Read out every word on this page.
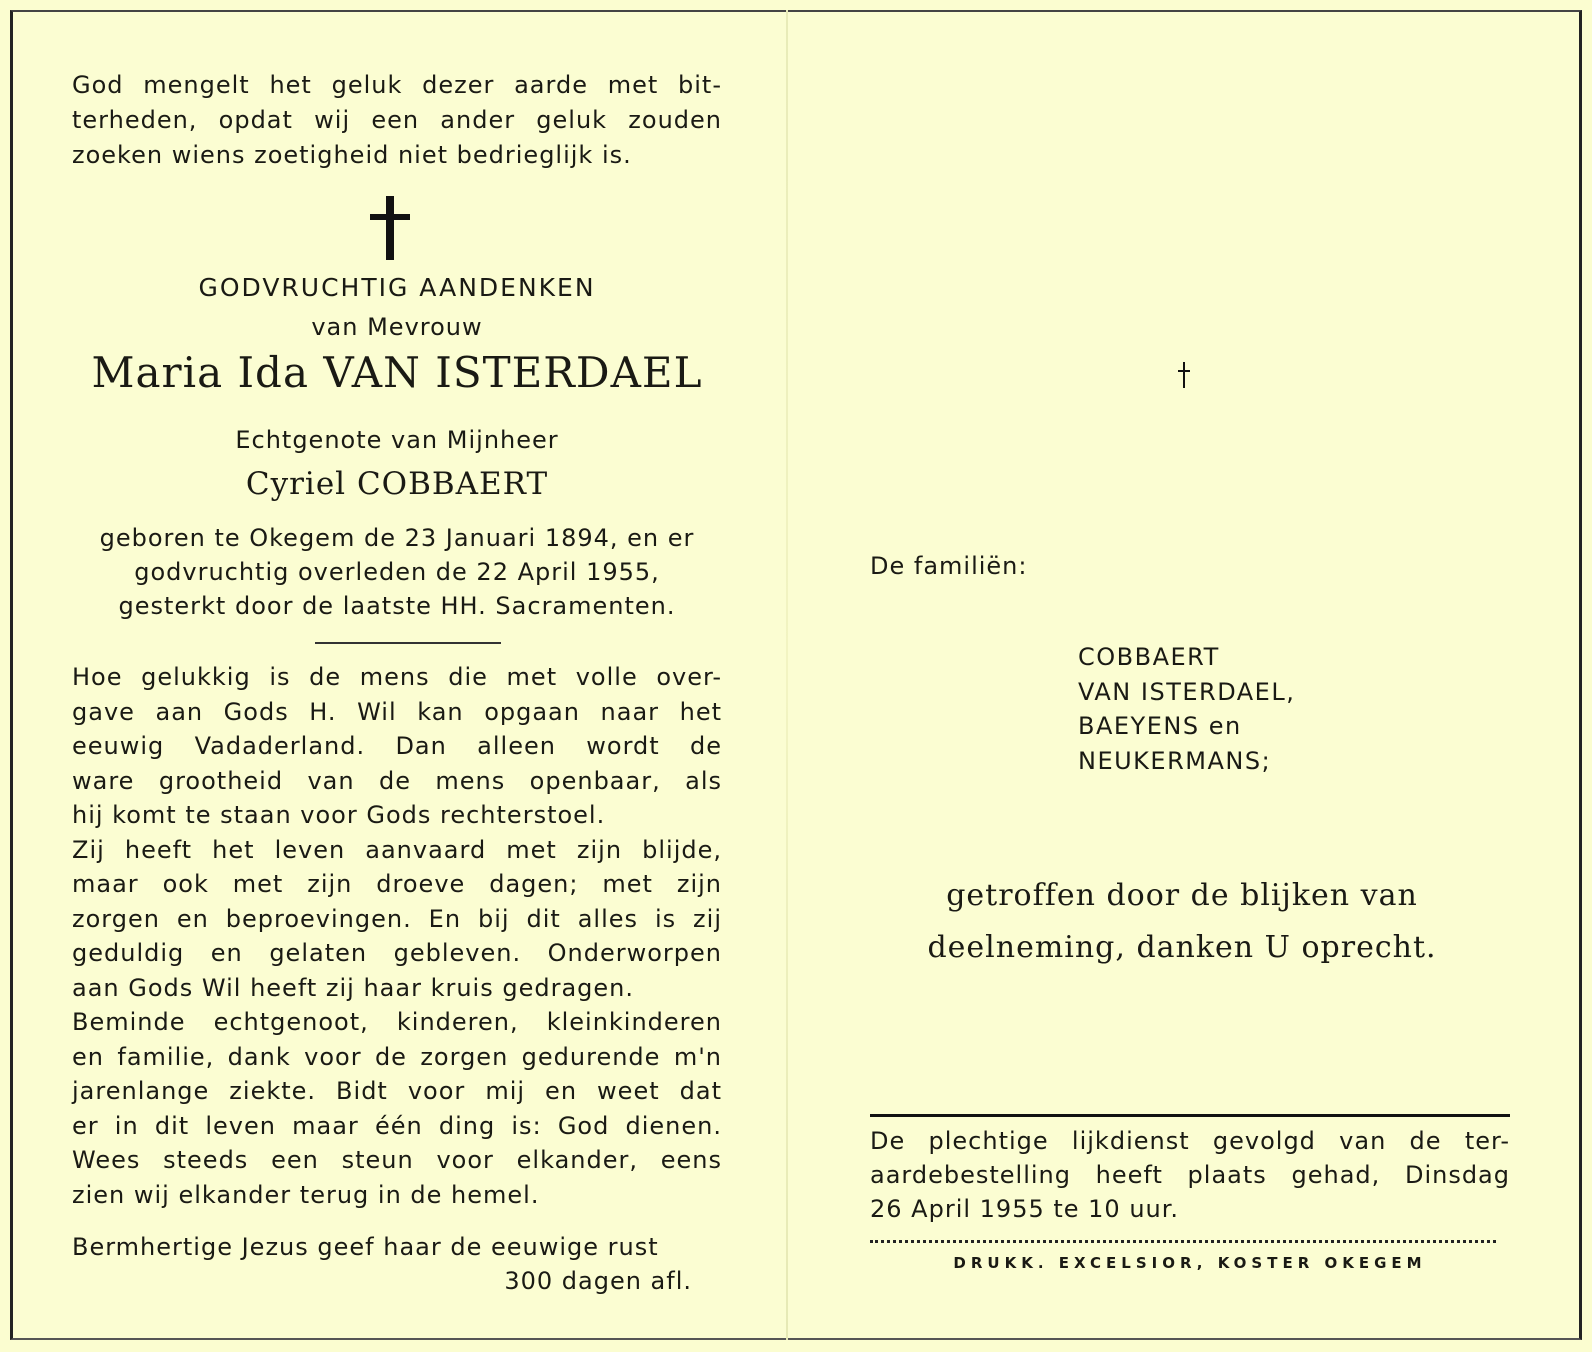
God mengelt het geluk dezer aarde met bit-
terheden, opdat wij een ander geluk zouden
zoeken wiens zoetigheid niet bedrieglijk is.
GODVRUCHTIG AANDENKEN
van Mevrouw
Maria Ida VAN ISTERDAEL
Echtgenote van Mijnheer
Cyriel COBBAERT
geboren te Okegem de 23 Januari 1894, en er
godvruchtig overleden de 22 April 1955,
gesterkt door de laatste HH. Sacramenten.
Hoe gelukkig is de mens die met volle over-
gave aan Gods H. Wil kan opgaan naar het
eeuwig Vadaderland. Dan alleen wordt de
ware grootheid van de mens openbaar, als
hij komt te staan voor Gods rechterstoel.
Zij heeft het leven aanvaard met zijn blijde,
maar ook met zijn droeve dagen; met zijn
zorgen en beproevingen. En bij dit alles is zij
geduldig en gelaten gebleven. Onderworpen
aan Gods Wil heeft zij haar kruis gedragen.
Beminde echtgenoot, kinderen, kleinkinderen
en familie, dank voor de zorgen gedurende m'n
jarenlange ziekte. Bidt voor mij en weet dat
er in dit leven maar één ding is: God dienen.
Wees steeds een steun voor elkander, eens
zien wij elkander terug in de hemel.
Bermhertige Jezus geef haar de eeuwige rust
300 dagen afl.
De familiën:
COBBAERT
VAN ISTERDAEL,
BAEYENS en
NEUKERMANS;
getroffen door de blijken van
deelneming, danken U oprecht.
De plechtige lijkdienst gevolgd van de ter-
aardebestelling heeft plaats gehad, Dinsdag
26 April 1955 te 10 uur.
DRUKK. EXCELSIOR, KOSTER OKEGEM
